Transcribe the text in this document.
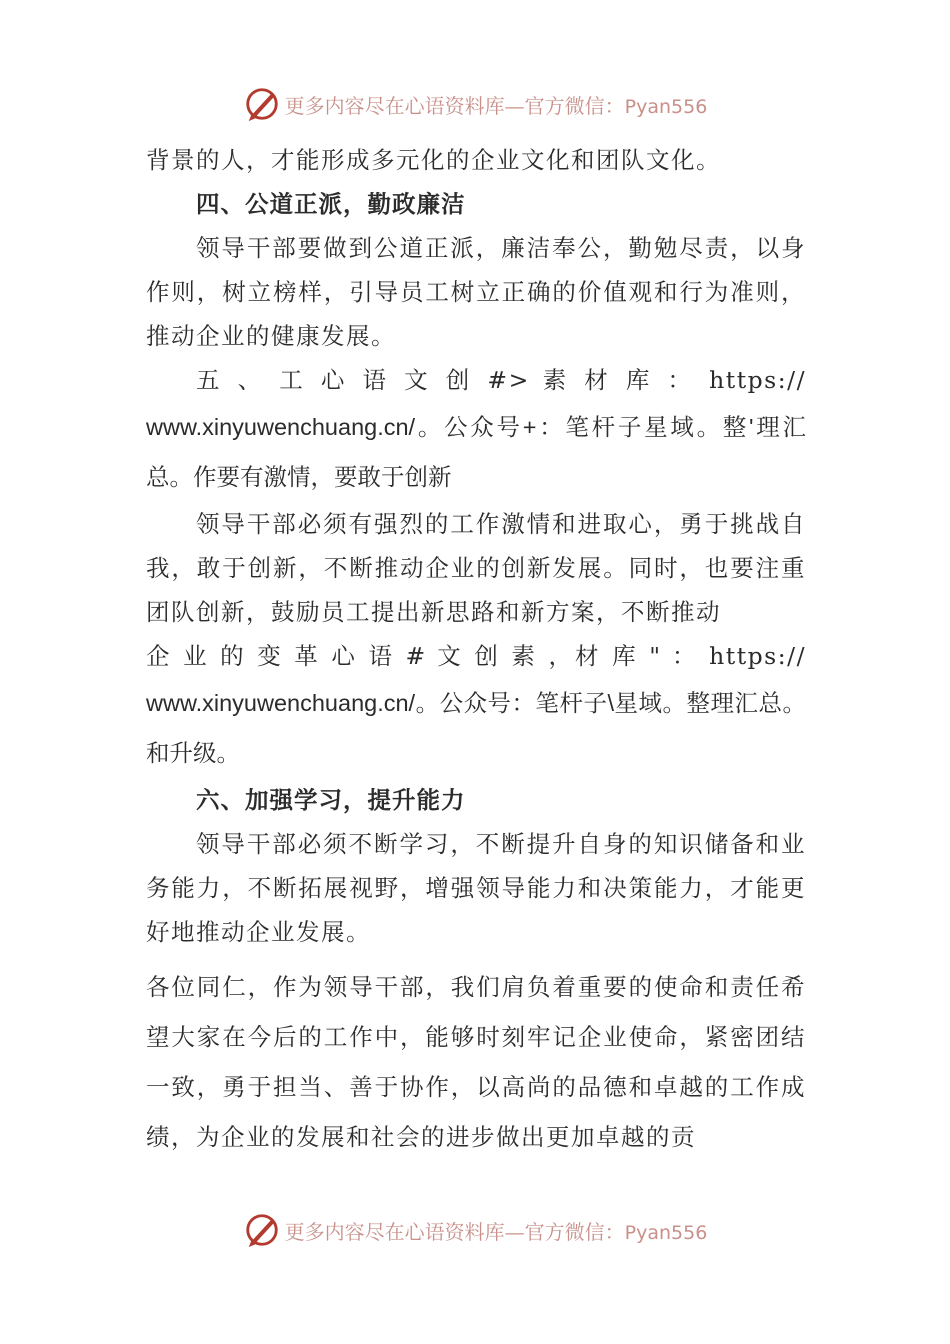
更多内容尽在心语资料库—官方微信：Pyan556

背景的人，才能形成多元化的企业文化和团队文化。

四、公道正派，勤政廉洁

领导干部要做到公道正派，廉洁奉公，勤勉尽责，以身作则，树立榜样，引导员工树立正确的价值观和行为准则，推动企业的健康发展。

五 、 工 心 语 文 创 #> 素 材 库 ： https://

www.xinyuwenchuang.cn/。公众号+：笔杆子星域。整'理汇总。作要有激情，要敢于创新

领导干部必须有强烈的工作激情和进取心，勇于挑战自我，敢于创新，不断推动企业的创新发展。同时，也要注重团队创新，鼓励员工提出新思路和新方案，不断推动

企 业 的 变 革 心 语 # 文 创 素 ，材 库 " ： https://

www.xinyuwenchuang.cn/。公众号：笔杆子\星域。整理汇总。和升级。

六、加强学习，提升能力

领导干部必须不断学习，不断提升自身的知识储备和业务能力，不断拓展视野，增强领导能力和决策能力，才能更好地推动企业发展。

各位同仁，作为领导干部，我们肩负着重要的使命和责任希望大家在今后的工作中，能够时刻牢记企业使命，紧密团结一致，勇于担当、善于协作，以高尚的品德和卓越的工作成绩，为企业的发展和社会的进步做出更加卓越的贡

更多内容尽在心语资料库—官方微信：Pyan556
